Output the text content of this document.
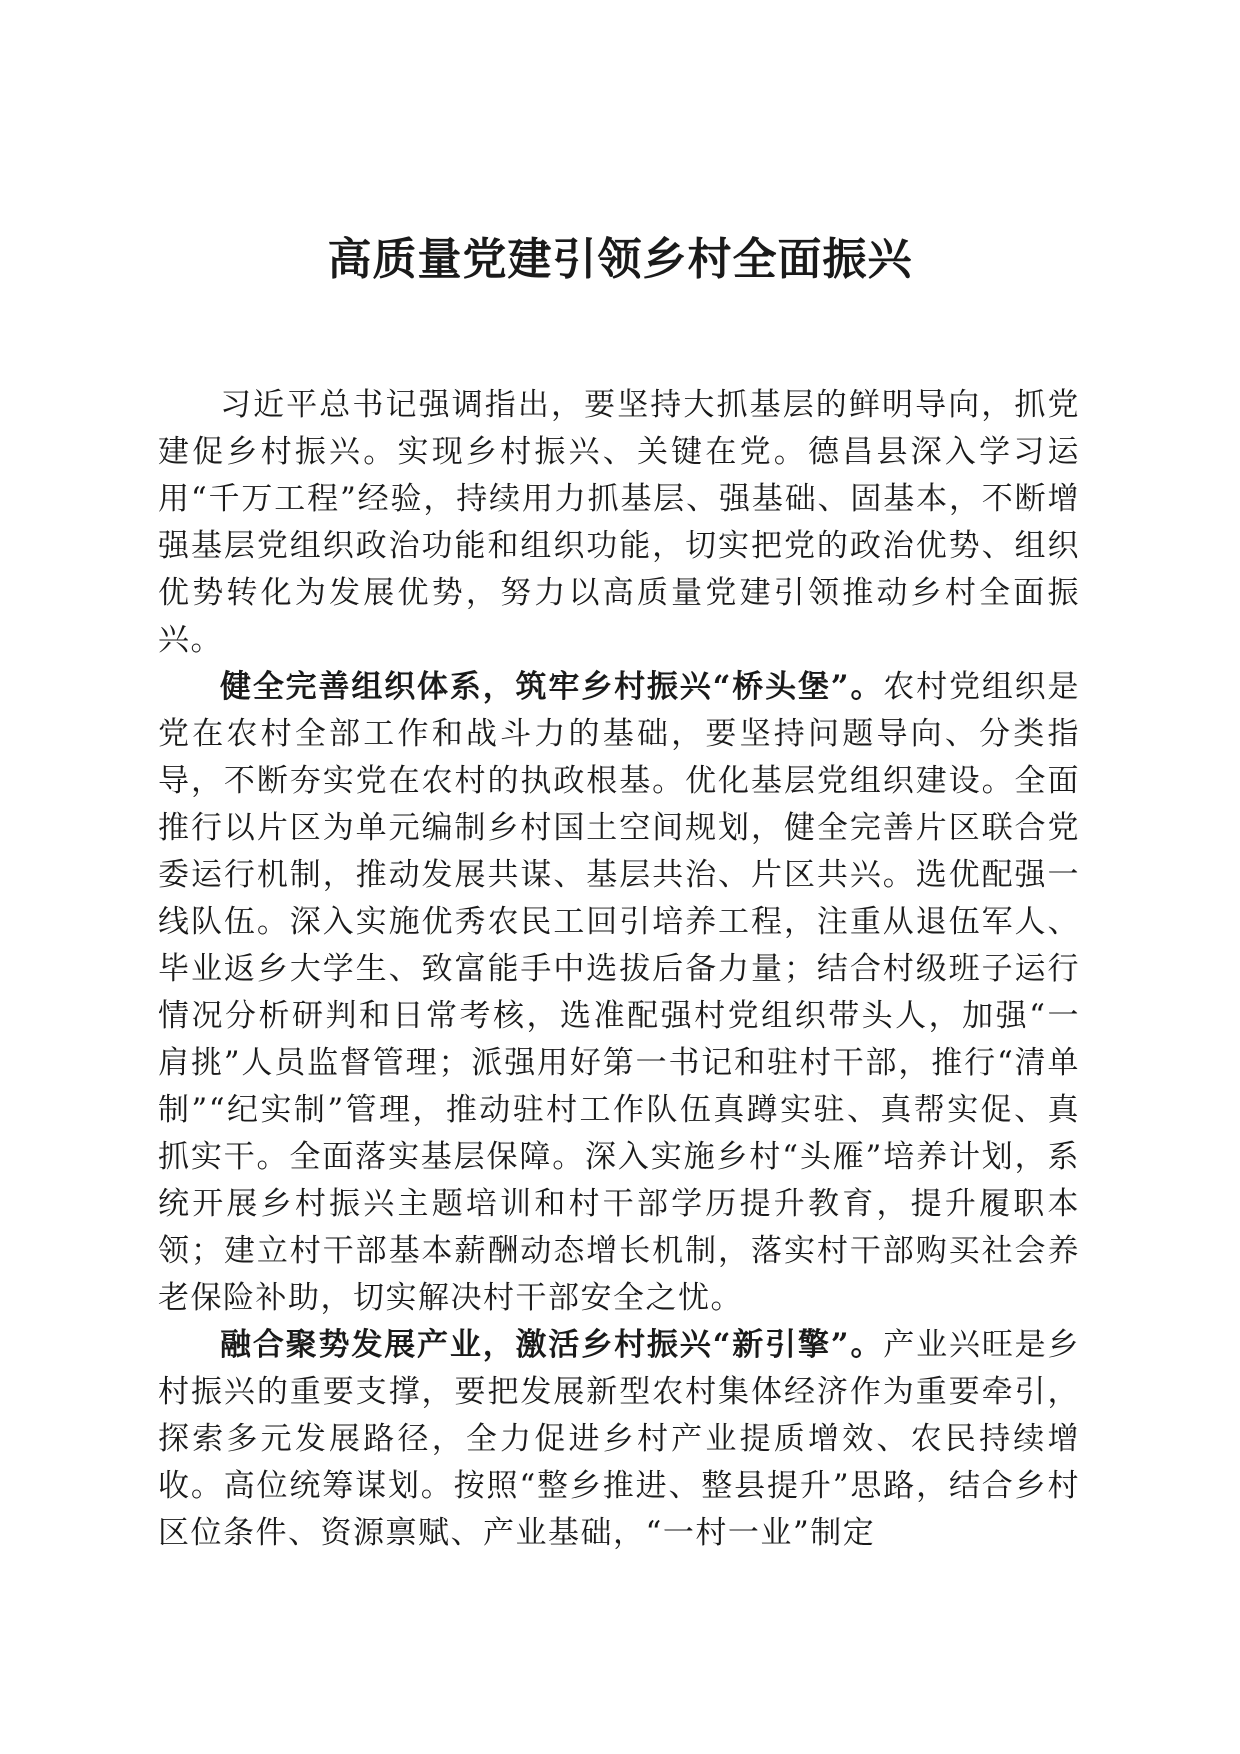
高质量党建引领乡村全面振兴

习近平总书记强调指出，要坚持大抓基层的鲜明导向，抓党建促乡村振兴。实现乡村振兴、关键在党。德昌县深入学习运用“千万工程”经验，持续用力抓基层、强基础、固基本，不断增强基层党组织政治功能和组织功能，切实把党的政治优势、组织优势转化为发展优势，努力以高质量党建引领推动乡村全面振兴。

健全完善组织体系，筑牢乡村振兴“桥头堡”。农村党组织是党在农村全部工作和战斗力的基础，要坚持问题导向、分类指导，不断夯实党在农村的执政根基。优化基层党组织建设。全面推行以片区为单元编制乡村国土空间规划，健全完善片区联合党委运行机制，推动发展共谋、基层共治、片区共兴。选优配强一线队伍。深入实施优秀农民工回引培养工程，注重从退伍军人、毕业返乡大学生、致富能手中选拔后备力量；结合村级班子运行情况分析研判和日常考核，选准配强村党组织带头人，加强“一肩挑”人员监督管理；派强用好第一书记和驻村干部，推行“清单制”“纪实制”管理，推动驻村工作队伍真蹲实驻、真帮实促、真抓实干。全面落实基层保障。深入实施乡村“头雁”培养计划，系统开展乡村振兴主题培训和村干部学历提升教育，提升履职本领；建立村干部基本薪酬动态增长机制，落实村干部购买社会养老保险补助，切实解决村干部安全之忧。

融合聚势发展产业，激活乡村振兴“新引擎”。产业兴旺是乡村振兴的重要支撑，要把发展新型农村集体经济作为重要牵引，探索多元发展路径，全力促进乡村产业提质增效、农民持续增收。高位统筹谋划。按照“整乡推进、整县提升”思路，结合乡村区位条件、资源禀赋、产业基础，“一村一业”制定
